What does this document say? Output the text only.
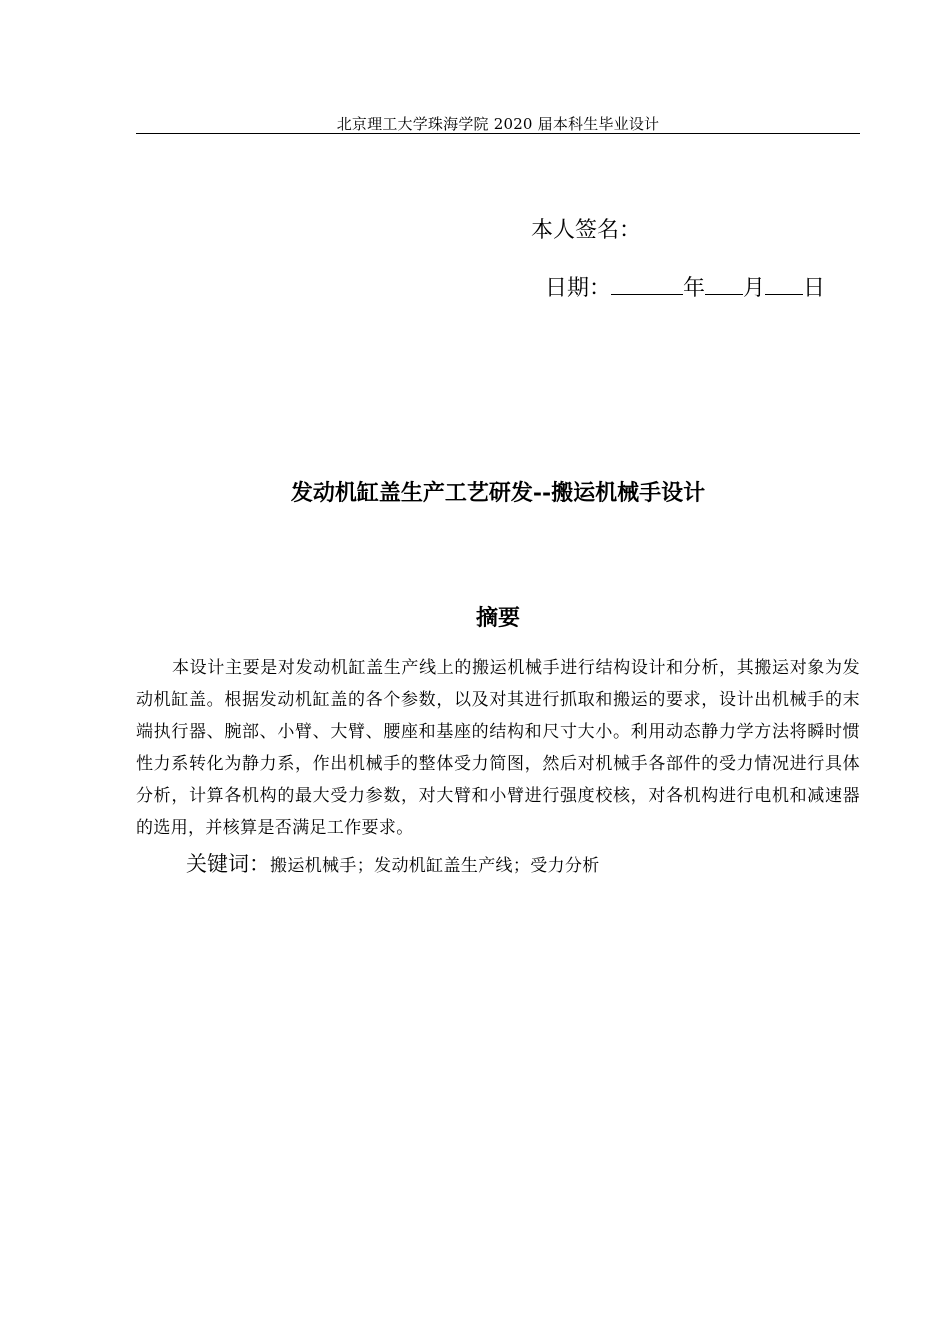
北京理工大学珠海学院 2020 届本科生毕业设计
本人签名：
日期：	年 月 日
发动机缸盖生产工艺研发--搬运机械手设计
摘要

本设计主要是对发动机缸盖生产线上的搬运机械手进行结构设计和分析，其搬运对象为发动机缸盖。根据发动机缸盖的各个参数，以及对其进行抓取和搬运的要求，设计出机械手的末端执行器、腕部、小臂、大臂、腰座和基座的结构和尺寸大小。利用动态静力学方法将瞬时惯性力系转化为静力系，作出机械手的整体受力简图，然后对机械手各部件的受力情况进行具体分析，计算各机构的最大受力参数，对大臂和小臂进行强度校核，对各机构进行电机和减速器的选用，并核算是否满足工作要求。

关键词：搬运机械手；发动机缸盖生产线；受力分析
